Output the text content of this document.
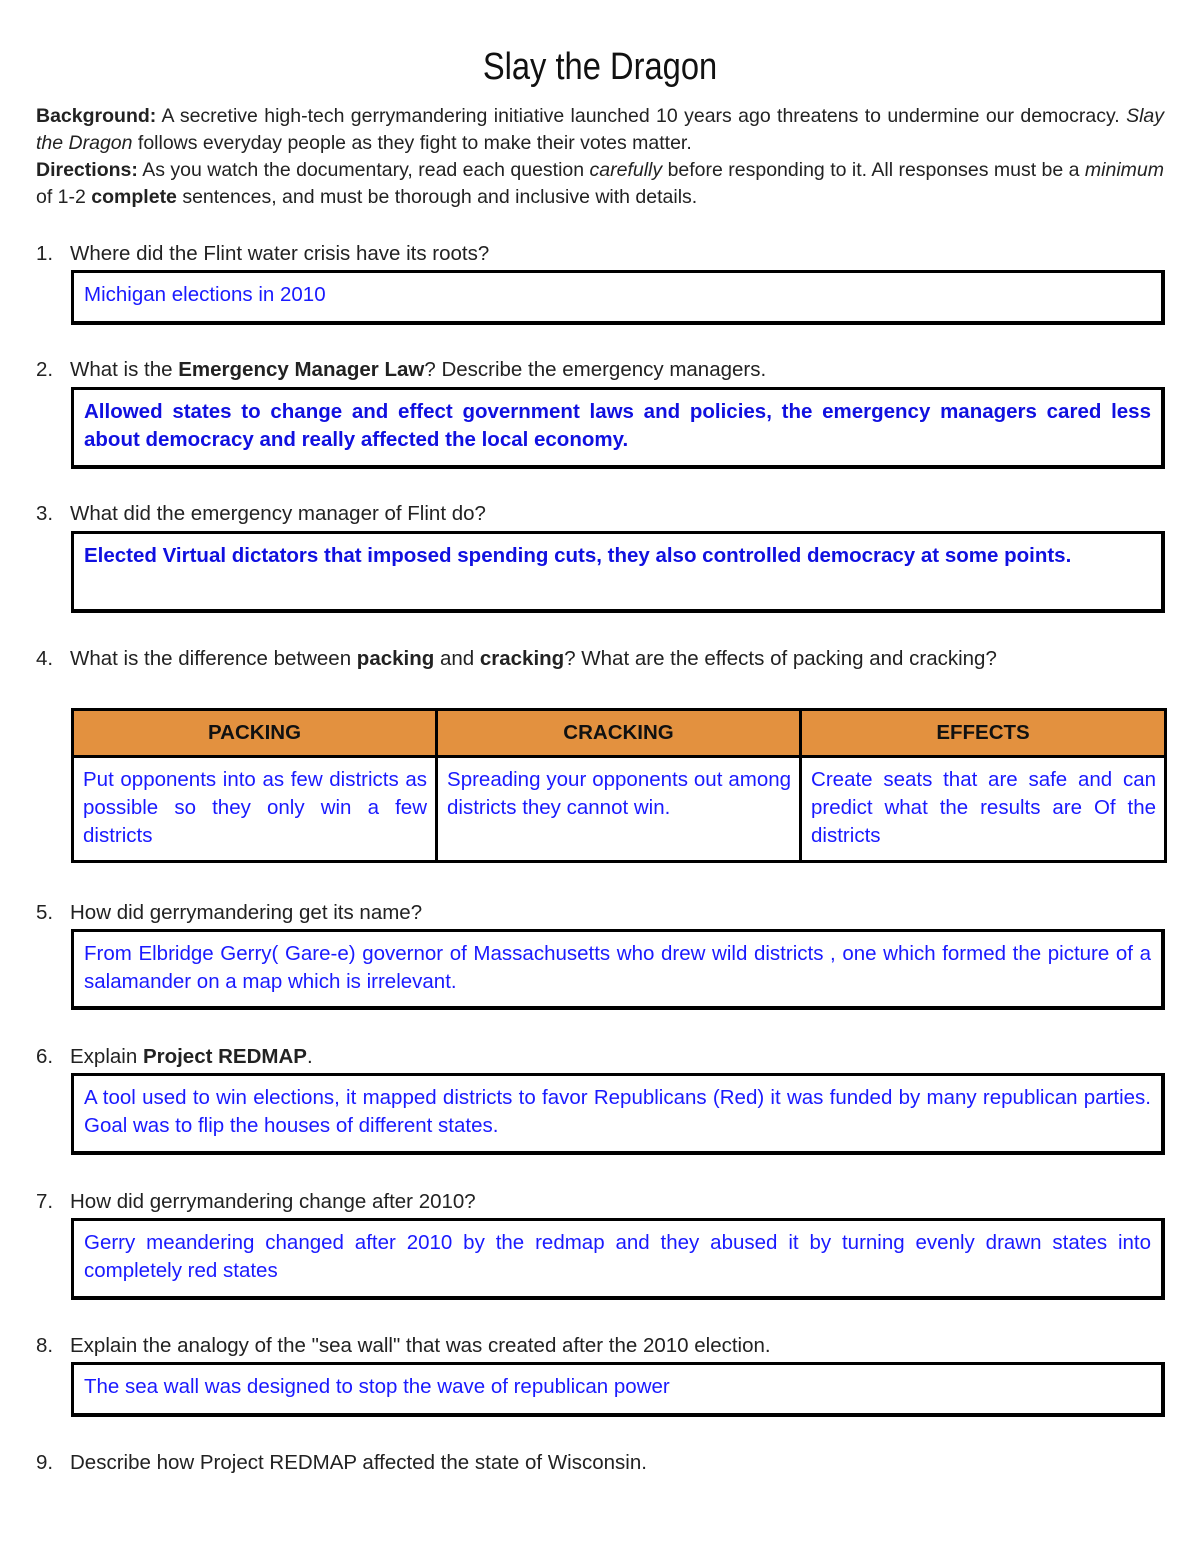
Slay the Dragon

Background: A secretive high-tech gerrymandering initiative launched 10 years ago threatens to undermine our democracy. Slay the Dragon follows everyday people as they fight to make their votes matter.

Directions: As you watch the documentary, read each question carefully before responding to it. All responses must be a minimum of 1-2 complete sentences, and must be thorough and inclusive with details.

1. Where did the Flint water crisis have its roots?
Michigan elections in 2010
2. What is the Emergency Manager Law? Describe the emergency managers.
Allowed states to change and effect government laws and policies, the emergency managers cared less about democracy and really affected the local economy.
3. What did the emergency manager of Flint do?
Elected Virtual dictators that imposed spending cuts, they also controlled democracy at some points.
4. What is the difference between packing and cracking? What are the effects of packing and cracking?
PACKING	CRACKING	EFFECTS
Put opponents into as few districts as possible so they only win a few districts	Spreading your opponents out among districts they cannot win.	Create seats that are safe and can predict what the results are Of the districts
5. How did gerrymandering get its name?
From Elbridge Gerry( Gare-e) governor of Massachusetts who drew wild districts , one which formed the picture of a salamander on a map which is irrelevant.
6. Explain Project REDMAP.
A tool used to win elections, it mapped districts to favor Republicans (Red) it was funded by many republican parties. Goal was to flip the houses of different states.
7. How did gerrymandering change after 2010?
Gerry meandering changed after 2010 by the redmap and they abused it by turning evenly drawn states into completely red states
8. Explain the analogy of the "sea wall" that was created after the 2010 election.
The sea wall was designed to stop the wave of republican power
9. Describe how Project REDMAP affected the state of Wisconsin.
